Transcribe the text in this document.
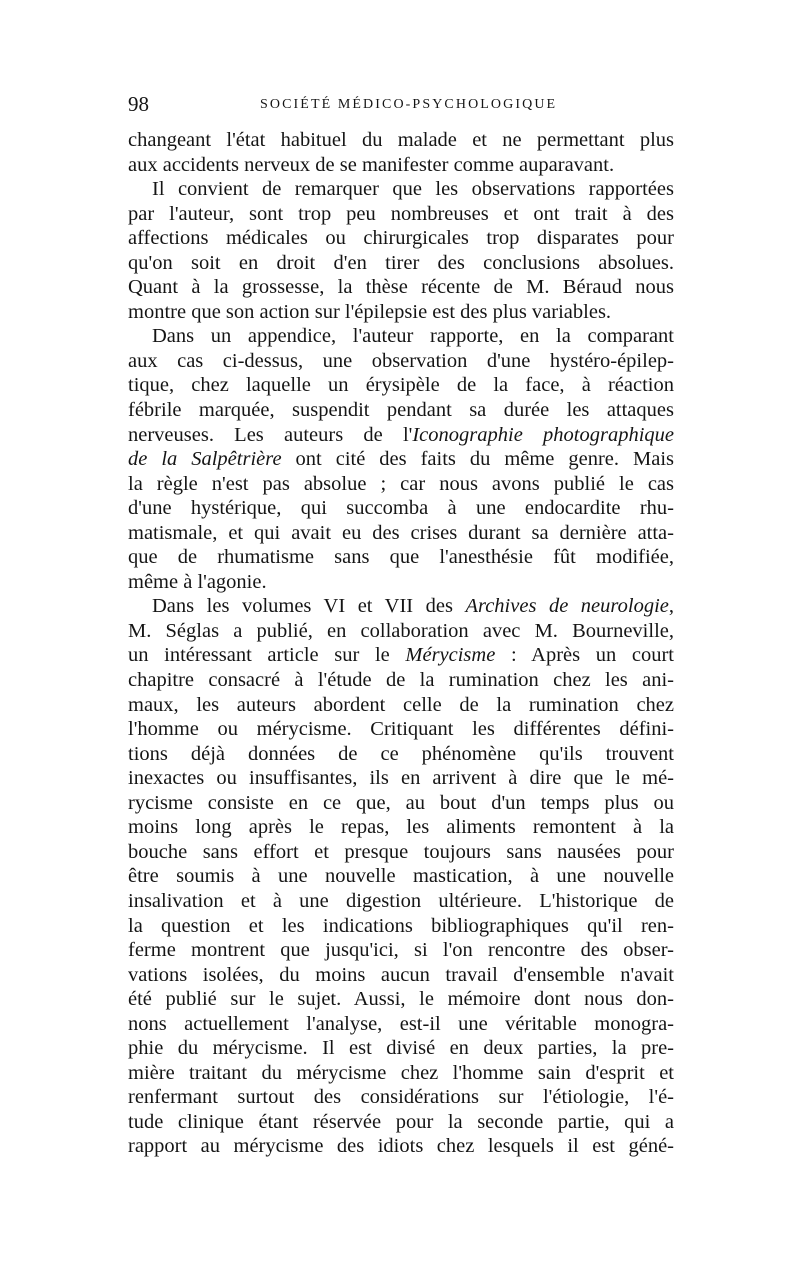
98	SOCIÉTÉ MÉDICO-PSYCHOLOGIQUE
changeant l'état habituel du malade et ne permettant plus
aux accidents nerveux de se manifester comme auparavant.
Il convient de remarquer que les observations rapportées
par l'auteur, sont trop peu nombreuses et ont trait à des
affections médicales ou chirurgicales trop disparates pour
qu'on soit en droit d'en tirer des conclusions absolues.
Quant à la grossesse, la thèse récente de M. Béraud nous
montre que son action sur l'épilepsie est des plus variables.
Dans un appendice, l'auteur rapporte, en la comparant
aux cas ci-dessus, une observation d'une hystéro-épilep-
tique, chez laquelle un érysipèle de la face, à réaction
fébrile marquée, suspendit pendant sa durée les attaques
nerveuses. Les auteurs de l'Iconographie photographique
de la Salpêtrière ont cité des faits du même genre. Mais
la règle n'est pas absolue ; car nous avons publié le cas
d'une hystérique, qui succomba à une endocardite rhu-
matismale, et qui avait eu des crises durant sa dernière atta-
que de rhumatisme sans que l'anesthésie fût modifiée,
même à l'agonie.
Dans les volumes VI et VII des Archives de neurologie,
M. Séglas a publié, en collaboration avec M. Bourneville,
un intéressant article sur le Mérycisme : Après un court
chapitre consacré à l'étude de la rumination chez les ani-
maux, les auteurs abordent celle de la rumination chez
l'homme ou mérycisme. Critiquant les différentes défini-
tions déjà données de ce phénomène qu'ils trouvent
inexactes ou insuffisantes, ils en arrivent à dire que le mé-
rycisme consiste en ce que, au bout d'un temps plus ou
moins long après le repas, les aliments remontent à la
bouche sans effort et presque toujours sans nausées pour
être soumis à une nouvelle mastication, à une nouvelle
insalivation et à une digestion ultérieure. L'historique de
la question et les indications bibliographiques qu'il ren-
ferme montrent que jusqu'ici, si l'on rencontre des obser-
vations isolées, du moins aucun travail d'ensemble n'avait
été publié sur le sujet. Aussi, le mémoire dont nous don-
nons actuellement l'analyse, est-il une véritable monogra-
phie du mérycisme. Il est divisé en deux parties, la pre-
mière traitant du mérycisme chez l'homme sain d'esprit et
renfermant surtout des considérations sur l'étiologie, l'é-
tude clinique étant réservée pour la seconde partie, qui a
rapport au mérycisme des idiots chez lesquels il est géné-
